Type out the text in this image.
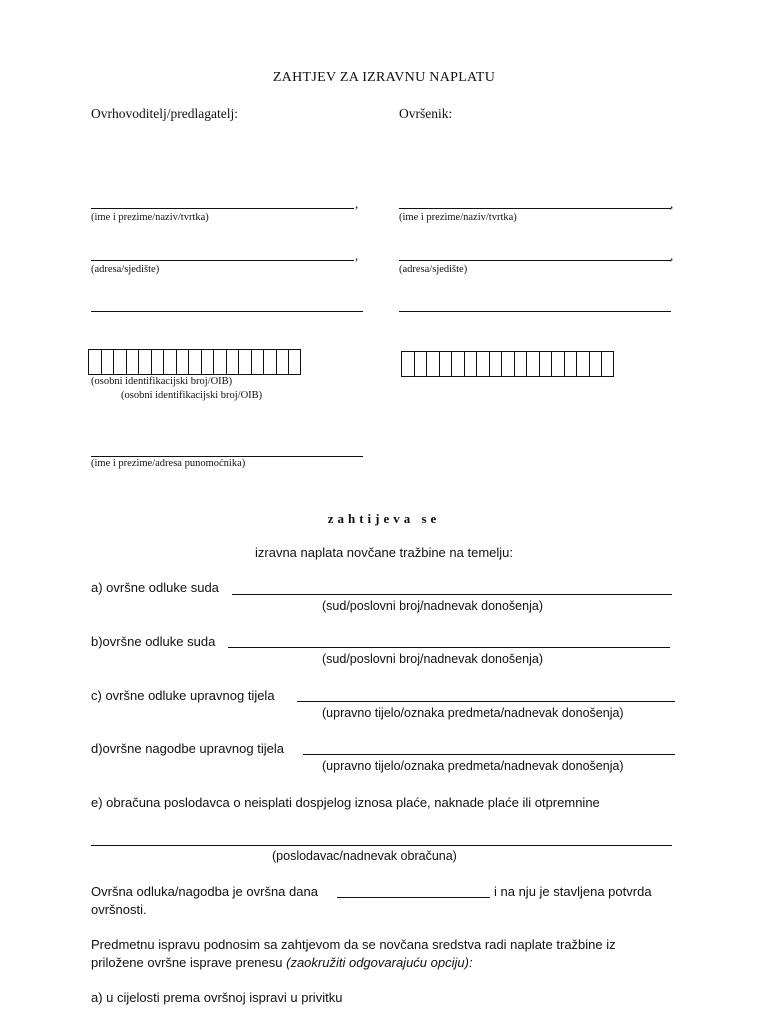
ZAHTJEV ZA IZRAVNU NAPLATU
Ovrhovoditelj/predlagatelj:
,
(ime i prezime/naziv/tvrtka)
,
(adresa/sjedište)
(osobni identifikacijski broj/OIB)
(osobni identifikacijski broj/OIB)
(ime i prezime/adresa punomoćnika)
Ovršenik:
,
(ime i prezime/naziv/tvrtka)
,
(adresa/sjedište)
zahtijeva se
izravna naplata novčane tražbine na temelju:
a) ovršne odluke suda
(sud/poslovni broj/nadnevak donošenja)
b)ovršne odluke suda
(sud/poslovni broj/nadnevak donošenja)
c) ovršne odluke upravnog tijela
(upravno tijelo/oznaka predmeta/nadnevak donošenja)
d)ovršne nagodbe upravnog tijela
(upravno tijelo/oznaka predmeta/nadnevak donošenja)
e) obračuna poslodavca o neisplati dospjelog iznosa plaće, naknade plaće ili otpremnine
(poslodavac/nadnevak obračuna)
Ovršna odluka/nagodba je ovršna dana	i na nju je stavljena potvrda
ovršnosti.
Predmetnu ispravu podnosim sa zahtjevom da se novčana sredstva radi naplate tražbine iz
priložene ovršne isprave prenesu (zaokružiti odgovarajuću opciju):
a) u cijelosti prema ovršnoj ispravi u privitku
